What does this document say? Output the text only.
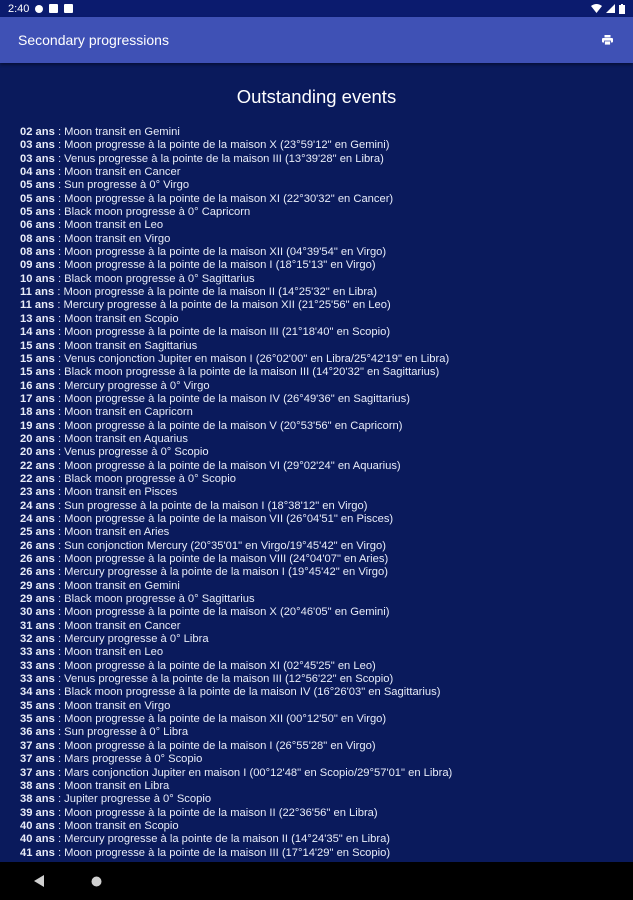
2:40
Secondary progressions
Outstanding events
02 ans : Moon transit en Gemini
03 ans : Moon progresse à la pointe de la maison X (23°59'12" en Gemini)
03 ans : Venus progresse à la pointe de la maison III (13°39'28" en Libra)
04 ans : Moon transit en Cancer
05 ans : Sun progresse à 0° Virgo
05 ans : Moon progresse à la pointe de la maison XI (22°30'32" en Cancer)
05 ans : Black moon progresse à 0° Capricorn
06 ans : Moon transit en Leo
08 ans : Moon transit en Virgo
08 ans : Moon progresse à la pointe de la maison XII (04°39'54" en Virgo)
09 ans : Moon progresse à la pointe de la maison I (18°15'13" en Virgo)
10 ans : Black moon progresse à 0° Sagittarius
11 ans : Moon progresse à la pointe de la maison II (14°25'32" en Libra)
11 ans : Mercury progresse à la pointe de la maison XII (21°25'56" en Leo)
13 ans : Moon transit en Scopio
14 ans : Moon progresse à la pointe de la maison III (21°18'40" en Scopio)
15 ans : Moon transit en Sagittarius
15 ans : Venus conjonction Jupiter en maison I (26°02'00" en Libra/25°42'19" en Libra)
15 ans : Black moon progresse à la pointe de la maison III (14°20'32" en Sagittarius)
16 ans : Mercury progresse à 0° Virgo
17 ans : Moon progresse à la pointe de la maison IV (26°49'36" en Sagittarius)
18 ans : Moon transit en Capricorn
19 ans : Moon progresse à la pointe de la maison V (20°53'56" en Capricorn)
20 ans : Moon transit en Aquarius
20 ans : Venus progresse à 0° Scopio
22 ans : Moon progresse à la pointe de la maison VI (29°02'24" en Aquarius)
22 ans : Black moon progresse à 0° Scopio
23 ans : Moon transit en Pisces
24 ans : Sun progresse à la pointe de la maison I (18°38'12" en Virgo)
24 ans : Moon progresse à la pointe de la maison VII (26°04'51" en Pisces)
25 ans : Moon transit en Aries
26 ans : Sun conjonction Mercury (20°35'01" en Virgo/19°45'42" en Virgo)
26 ans : Moon progresse à la pointe de la maison VIII (24°04'07" en Aries)
26 ans : Mercury progresse à la pointe de la maison I (19°45'42" en Virgo)
29 ans : Moon transit en Gemini
29 ans : Black moon progresse à 0° Sagittarius
30 ans : Moon progresse à la pointe de la maison X (20°46'05" en Gemini)
31 ans : Moon transit en Cancer
32 ans : Mercury progresse à 0° Libra
33 ans : Moon transit en Leo
33 ans : Moon progresse à la pointe de la maison XI (02°45'25" en Leo)
33 ans : Venus progresse à la pointe de la maison III (12°56'22" en Scopio)
34 ans : Black moon progresse à la pointe de la maison IV (16°26'03" en Sagittarius)
35 ans : Moon transit en Virgo
35 ans : Moon progresse à la pointe de la maison XII (00°12'50" en Virgo)
36 ans : Sun progresse à 0° Libra
37 ans : Moon progresse à la pointe de la maison I (26°55'28" en Virgo)
37 ans : Mars progresse à 0° Scopio
37 ans : Mars conjonction Jupiter en maison I (00°12'48" en Scopio/29°57'01" en Libra)
38 ans : Moon transit en Libra
38 ans : Jupiter progresse à 0° Scopio
39 ans : Moon progresse à la pointe de la maison II (22°36'56" en Libra)
40 ans : Moon transit en Scopio
40 ans : Mercury progresse à la pointe de la maison II (14°24'35" en Libra)
41 ans : Moon progresse à la pointe de la maison III (17°14'29" en Scopio)
